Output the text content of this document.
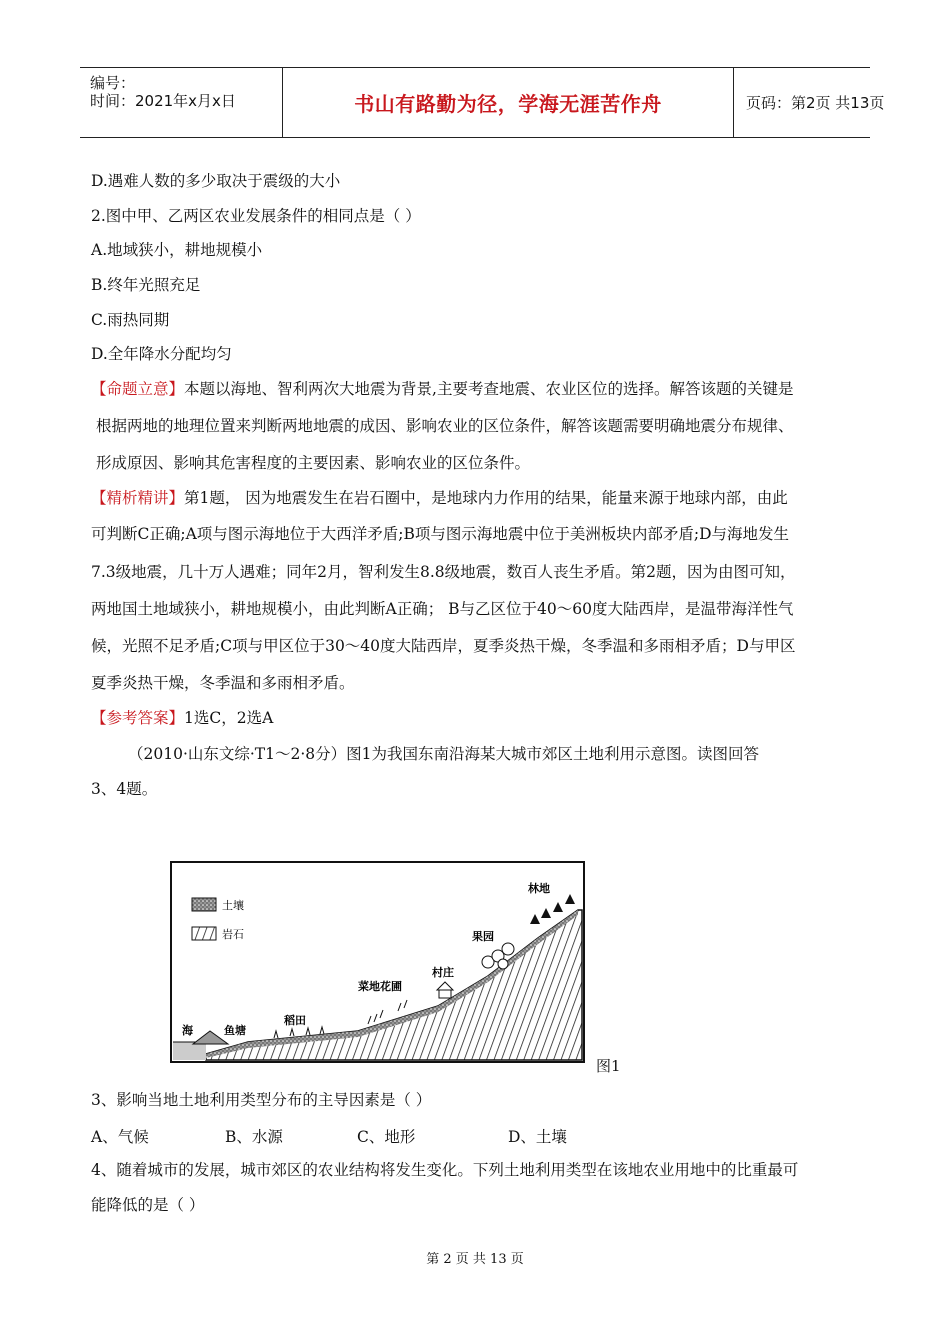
编号：
时间：2021年x月x日	书山有路勤为径，学海无涯苦作舟	页码：第2页 共13页
D.遇难人数的多少取决于震级的大小
2.图中甲、乙两区农业发展条件的相同点是（ ）
A.地域狭小，耕地规模小
B.终年光照充足
C.雨热同期
D.全年降水分配均匀
【命题立意】本题以海地、智利两次大地震为背景,主要考查地震、农业区位的选择。解答该题的关键是
根据两地的地理位置来判断两地地震的成因、影响农业的区位条件，解答该题需要明确地震分布规律、
形成原因、影响其危害程度的主要因素、影响农业的区位条件。
【精析精讲】第1题， 因为地震发生在岩石圈中，是地球内力作用的结果，能量来源于地球内部，由此
可判断C正确;A项与图示海地位于大西洋矛盾;B项与图示海地震中位于美洲板块内部矛盾;D与海地发生
7.3级地震，几十万人遇难；同年2月，智利发生8.8级地震，数百人丧生矛盾。第2题，因为由图可知，
两地国土地域狭小，耕地规模小，由此判断A正确； B与乙区位于40～60度大陆西岸，是温带海洋性气
候，光照不足矛盾;C项与甲区位于30～40度大陆西岸，夏季炎热干燥，冬季温和多雨相矛盾；D与甲区
夏季炎热干燥，冬季温和多雨相矛盾。
【参考答案】1选C，2选A
（2010·山东文综·T1～2·8分）图1为我国东南沿海某大城市郊区土地利用示意图。读图回答
3、4题。
土壤
岩石
林地
果园
村庄
菜地花圃
稻田
鱼塘
海
图1
3、影响当地土地利用类型分布的主导因素是（ ）
A、气候	B、水源	C、地形	D、土壤
4、随着城市的发展，城市郊区的农业结构将发生变化。下列土地利用类型在该地农业用地中的比重最可
能降低的是（ ）
第 2 页 共 13 页
